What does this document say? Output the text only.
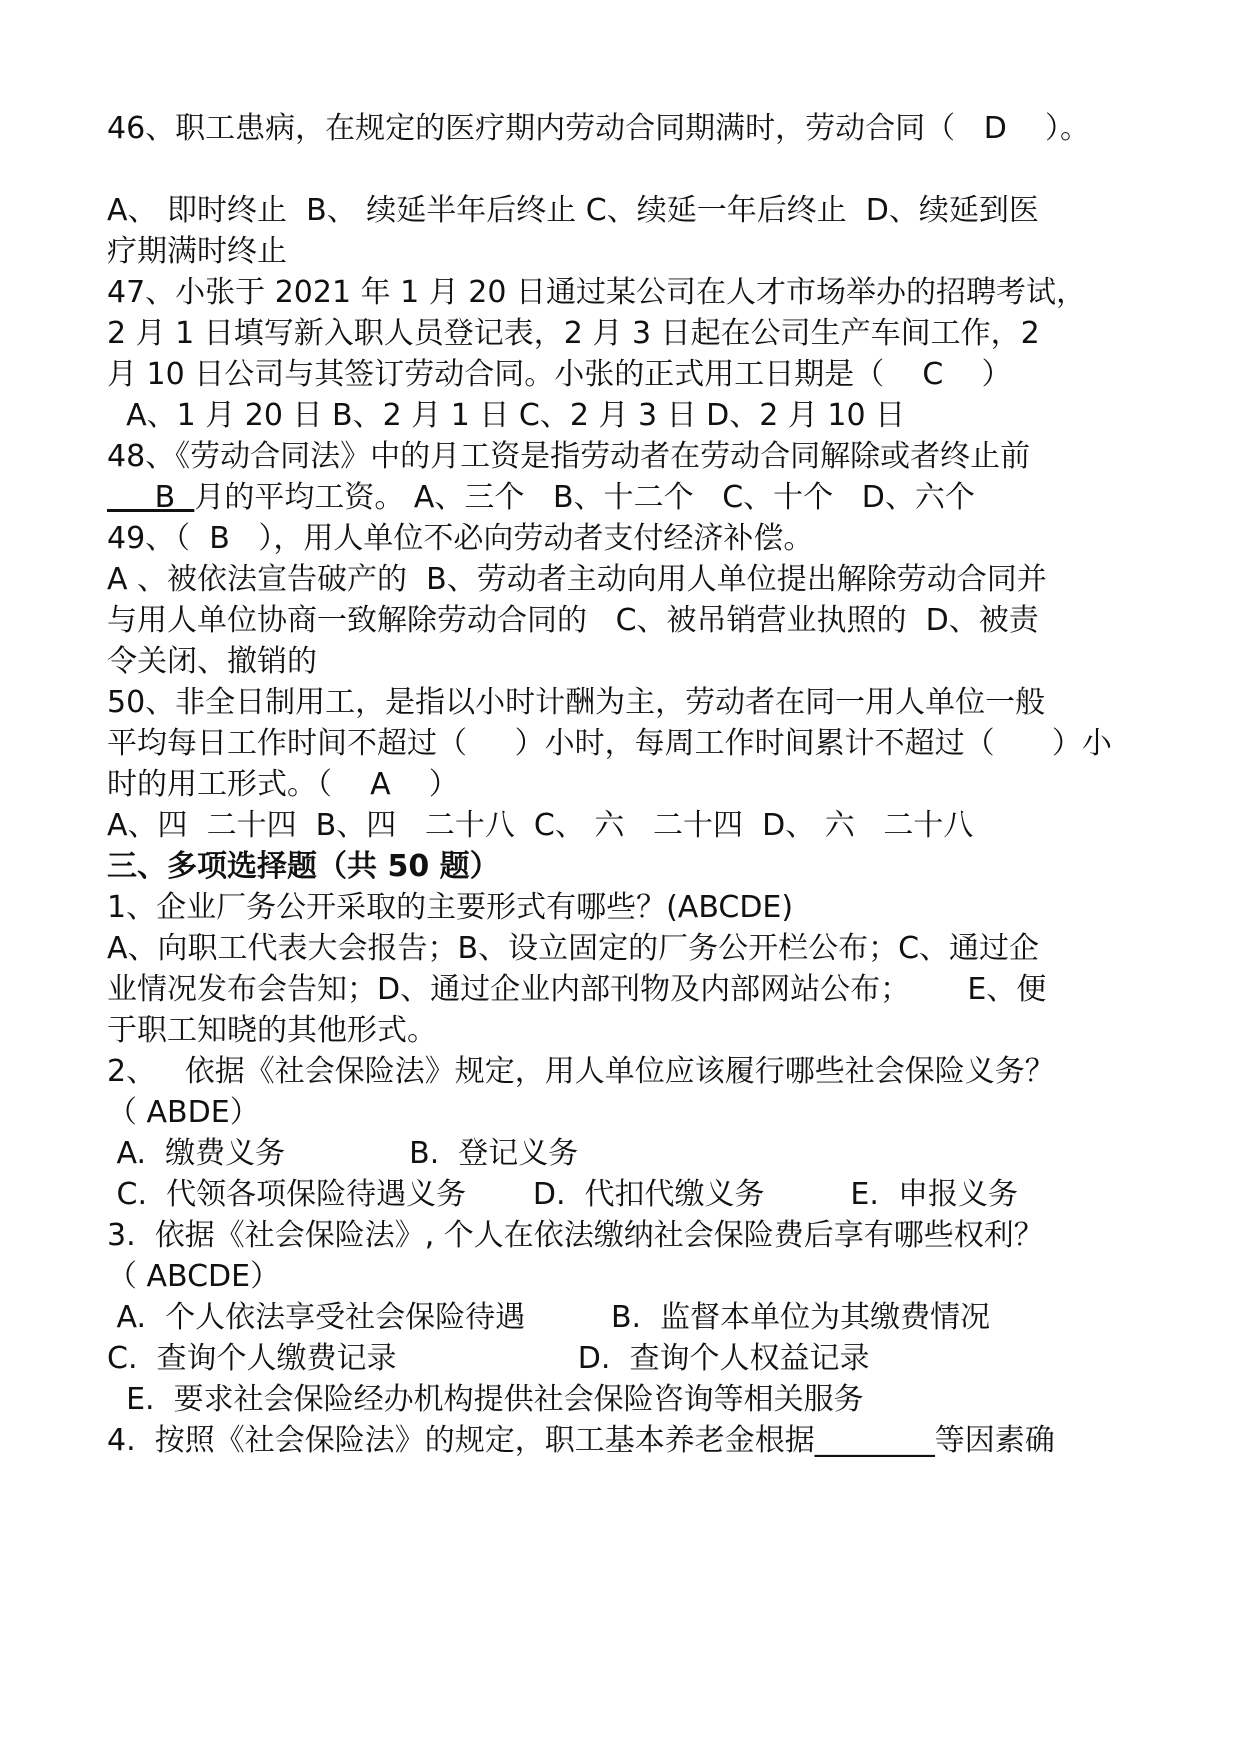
46、职工患病，在规定的医疗期内劳动合同期满时，劳动合同（   D    ）。
A、 即时终止  B、 续延半年后终止 C、续延一年后终止  D、续延到医
疗期满时终止
47、小张于 2021 年 1 月 20 日通过某公司在人才市场举办的招聘考试，
2 月 1 日填写新入职人员登记表，2 月 3 日起在公司生产车间工作，2
月 10 日公司与其签订劳动合同。小张的正式用工日期是（    C    ）
A、1 月 20 日 B、2 月 1 日 C、2 月 3 日 D、2 月 10 日
48、《劳动合同法》中的月工资是指劳动者在劳动合同解除或者终止前
B  月的平均工资。 A、三个   B、十二个   C、十个   D、六个
49、（  B   ），用人单位不必向劳动者支付经济补偿。
A 、被依法宣告破产的  B、劳动者主动向用人单位提出解除劳动合同并
与用人单位协商一致解除劳动合同的   C、被吊销营业执照的  D、被责
令关闭、撤销的
50、非全日制用工，是指以小时计酬为主，劳动者在同一用人单位一般
平均每日工作时间不超过（     ）小时，每周工作时间累计不超过（      ）小
时的用工形式。（    A    ）
A、四  二十四  B、四   二十八  C、 六   二十四  D、 六   二十八
三、多项选择题（共 50 题）
1、企业厂务公开采取的主要形式有哪些？(ABCDE)
A、向职工代表大会报告；B、设立固定的厂务公开栏公布；C、通过企
业情况发布会告知；D、通过企业内部刊物及内部网站公布；      E、便
于职工知晓的其他形式。
2、   依据《社会保险法》规定，用人单位应该履行哪些社会保险义务？
（ ABDE）
A.  缴费义务             B.  登记义务
C.  代领各项保险待遇义务       D.  代扣代缴义务         E.  申报义务
3.  依据《社会保险法》, 个人在依法缴纳社会保险费后享有哪些权利？
（ ABCDE）
A.  个人依法享受社会保险待遇         B.  监督本单位为其缴费情况
C.  查询个人缴费记录                   D.  查询个人权益记录
E.  要求社会保险经办机构提供社会保险咨询等相关服务
4.  按照《社会保险法》的规定，职工基本养老金根据________等因素确
